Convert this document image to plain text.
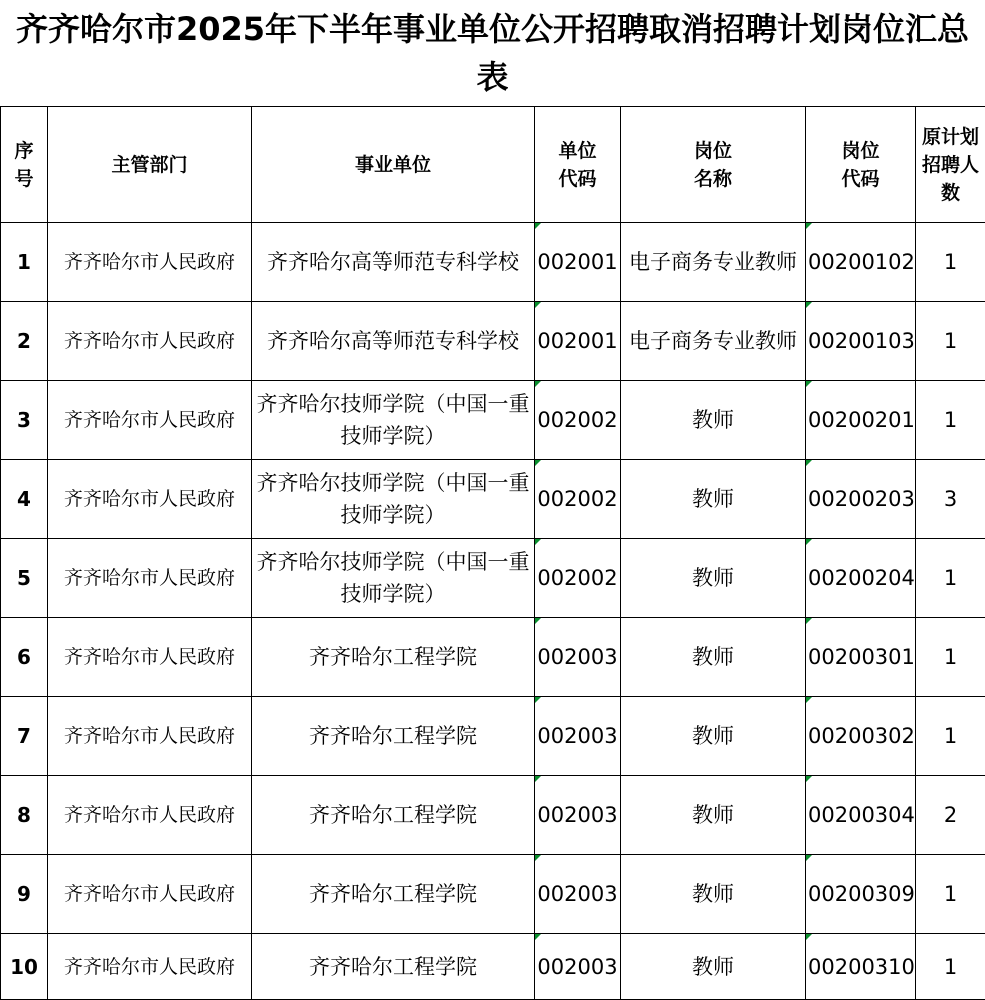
齐齐哈尔市2025年下半年事业单位公开招聘取消招聘计划岗位汇总表
序号	主管部门	事业单位	单位代码	岗位名称	岗位代码	原计划招聘人数
1	齐齐哈尔市人民政府	齐齐哈尔高等师范专科学校	002001	电子商务专业教师	00200102	1
2	齐齐哈尔市人民政府	齐齐哈尔高等师范专科学校	002001	电子商务专业教师	00200103	1
3	齐齐哈尔市人民政府	齐齐哈尔技师学院（中国一重技师学院）	002002	教师	00200201	1
4	齐齐哈尔市人民政府	齐齐哈尔技师学院（中国一重技师学院）	002002	教师	00200203	3
5	齐齐哈尔市人民政府	齐齐哈尔技师学院（中国一重技师学院）	002002	教师	00200204	1
6	齐齐哈尔市人民政府	齐齐哈尔工程学院	002003	教师	00200301	1
7	齐齐哈尔市人民政府	齐齐哈尔工程学院	002003	教师	00200302	1
8	齐齐哈尔市人民政府	齐齐哈尔工程学院	002003	教师	00200304	2
9	齐齐哈尔市人民政府	齐齐哈尔工程学院	002003	教师	00200309	1
10	齐齐哈尔市人民政府	齐齐哈尔工程学院	002003	教师	00200310	1
